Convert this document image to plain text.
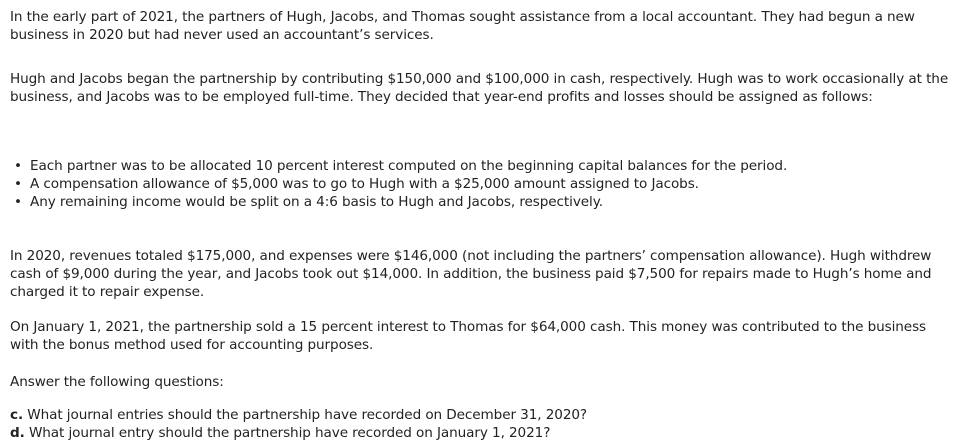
In the early part of 2021, the partners of Hugh, Jacobs, and Thomas sought assistance from a local accountant. They had begun a new business in 2020 but had never used an accountant’s services.

Hugh and Jacobs began the partnership by contributing $150,000 and $100,000 in cash, respectively. Hugh was to work occasionally at the business, and Jacobs was to be employed full-time. They decided that year-end profits and losses should be assigned as follows:

• Each partner was to be allocated 10 percent interest computed on the beginning capital balances for the period.
• A compensation allowance of $5,000 was to go to Hugh with a $25,000 amount assigned to Jacobs.
• Any remaining income would be split on a 4:6 basis to Hugh and Jacobs, respectively.

In 2020, revenues totaled $175,000, and expenses were $146,000 (not including the partners’ compensation allowance). Hugh withdrew cash of $9,000 during the year, and Jacobs took out $14,000. In addition, the business paid $7,500 for repairs made to Hugh’s home and charged it to repair expense.

On January 1, 2021, the partnership sold a 15 percent interest to Thomas for $64,000 cash. This money was contributed to the business with the bonus method used for accounting purposes.

Answer the following questions:

c. What journal entries should the partnership have recorded on December 31, 2020?
d. What journal entry should the partnership have recorded on January 1, 2021?
